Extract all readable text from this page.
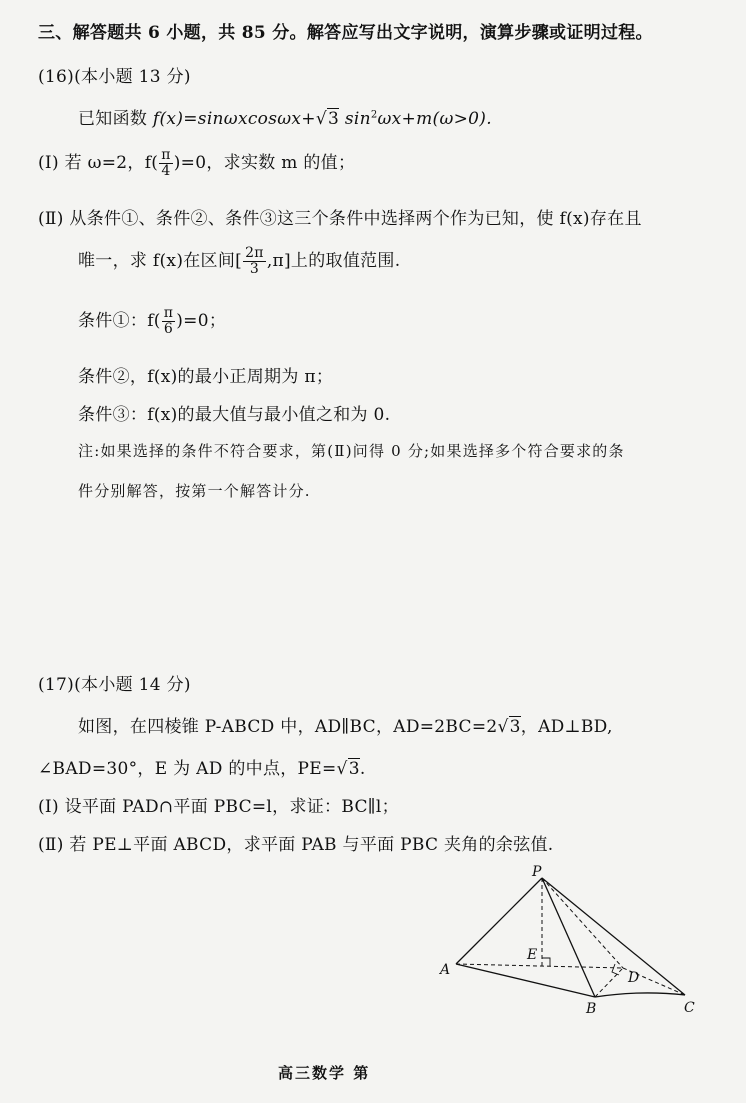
三、解答题共 6 小题，共 85 分。解答应写出文字说明，演算步骤或证明过程。
(16)(本小题 13 分)
已知函数 f(x)=sinωxcosωx+√3 $\sin^2\omega x+m(\omega>0)$.
(Ⅰ) 若 ω=2，$f( \frac{\pi}{4} )=0$，求实数 m 的值；
(Ⅱ) 从条件①、条件②、条件③这三个条件中选择两个作为已知，使 f(x)存在且
唯一，求 f(x)在区间[ $\frac{2\pi}{3} ,\pi$]上的取值范围.
条件①：$f( \frac{\pi}{6} )=0$；
条件②，f(x)的最小正周期为 π；
条件③：f(x)的最大值与最小值之和为 0.
注:如果选择的条件不符合要求，第(Ⅱ)问得 0 分;如果选择多个符合要求的条
件分别解答，按第一个解答计分.
(17)(本小题 14 分)
如图，在四棱锥 P-ABCD 中，AD∥BC，AD=2BC=2√3，AD⊥BD,
∠BAD=30°，E 为 AD 的中点，PE=√3.
(Ⅰ) 设平面 PAD∩平面 PBC=l，求证：BC∥l；
(Ⅱ) 若 PE⊥平面 ABCD，求平面 PAB 与平面 PBC 夹角的余弦值.
P
A
B	C
D
E
高三数学 第
